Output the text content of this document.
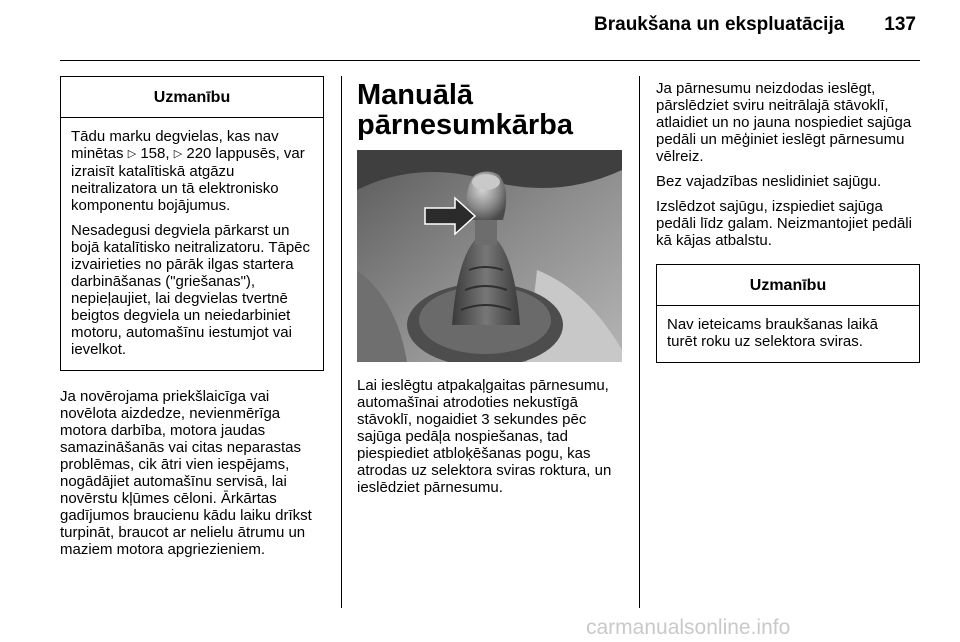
Braukšana un ekspluatācija 137
Uzmanību

Tādu marku degvielas, kas nav minētas ▷ 158, ▷ 220 lappusēs, var izraisīt katalītiskā atgāzu neitralizatora un tā elektronisko komponentu bojājumus.

Nesadegusi degviela pārkarst un bojā katalītisko neitralizatoru. Tāpēc izvairieties no pārāk ilgas startera darbināšanas ("griešanas"), nepieļaujiet, lai degvielas tvertnē beigtos degviela un neiedarbiniet motoru, automašīnu iestumjot vai ievelkot.

Ja novērojama priekšlaicīga vai novēlota aizdedze, nevienmērīga motora darbība, motora jaudas samazināšanās vai citas neparastas problēmas, cik ātri vien iespējams, nogādājiet automašīnu servisā, lai novērstu kļūmes cēloni. Ārkārtas gadījumos braucienu kādu laiku drīkst turpināt, braucot ar nelielu ātrumu un maziem motora apgriezieniem.

Manuālā
pārnesumkārba

Lai ieslēgtu atpakaļgaitas pārnesumu, automašīnai atrodoties nekustīgā stāvoklī, nogaidiet 3 sekundes pēc sajūga pedāļa nospiešanas, tad piespiediet atbloķēšanas pogu, kas atrodas uz selektora sviras roktura, un ieslēdziet pārnesumu.

Ja pārnesumu neizdodas ieslēgt, pārslēdziet sviru neitrālajā stāvoklī, atlaidiet un no jauna nospiediet sajūga pedāli un mēģiniet ieslēgt pārnesumu vēlreiz.

Bez vajadzības neslidiniet sajūgu.

Izslēdzot sajūgu, izspiediet sajūga pedāli līdz galam. Neizmantojiet pedāli kā kājas atbalstu.

Uzmanību

Nav ieteicams braukšanas laikā turēt roku uz selektora sviras.

carmanualsonline.info
